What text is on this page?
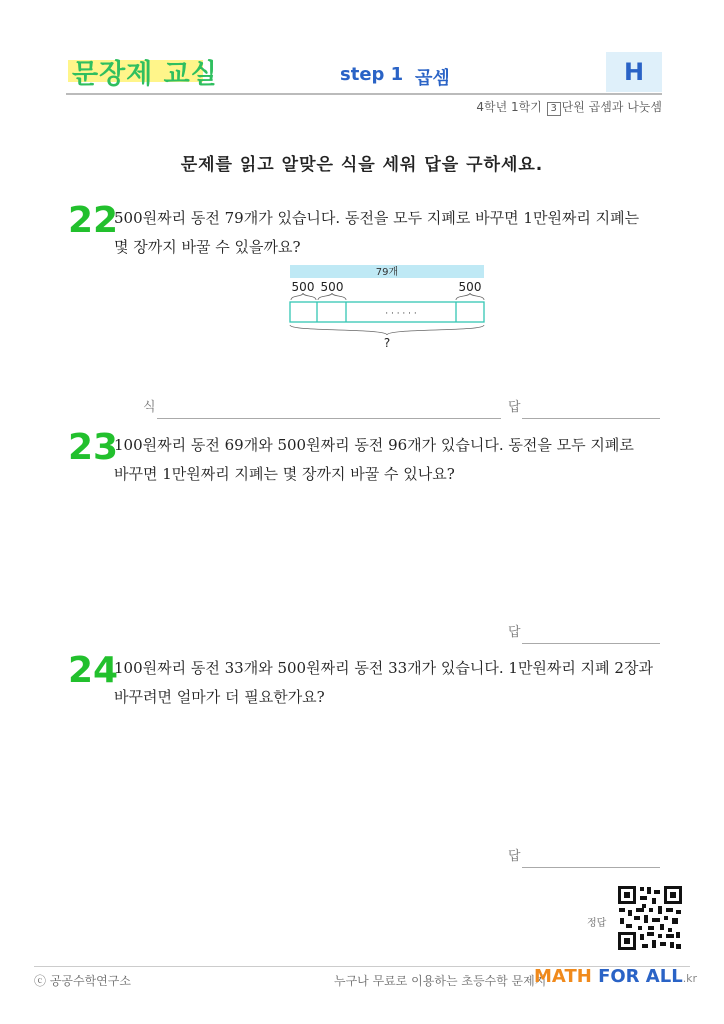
문장제 교실	step 1 곱셈	H
4학년 1학기 3 단원 곱셈과 나눗셈
문제를 읽고 알맞은 식을 세워 답을 구하세요.
22
500원짜리 동전 79개가 있습니다. 동전을 모두 지폐로 바꾸면 1만원짜리 지폐는
몇 장까지 바꿀 수 있을까요?
79개
500 500	500
· · · · · ·
?
식	답
23
100원짜리 동전 69개와 500원짜리 동전 96개가 있습니다. 동전을 모두 지폐로
바꾸면 1만원짜리 지폐는 몇 장까지 바꿀 수 있나요?
답
24
100원짜리 동전 33개와 500원짜리 동전 33개가 있습니다. 1만원짜리 지폐 2장과
바꾸려면 얼마가 더 필요한가요?
답
정답
ⓒ 공공수학연구소	누구나 무료로 이용하는 초등수학 문제지
MATH FOR ALL.kr
